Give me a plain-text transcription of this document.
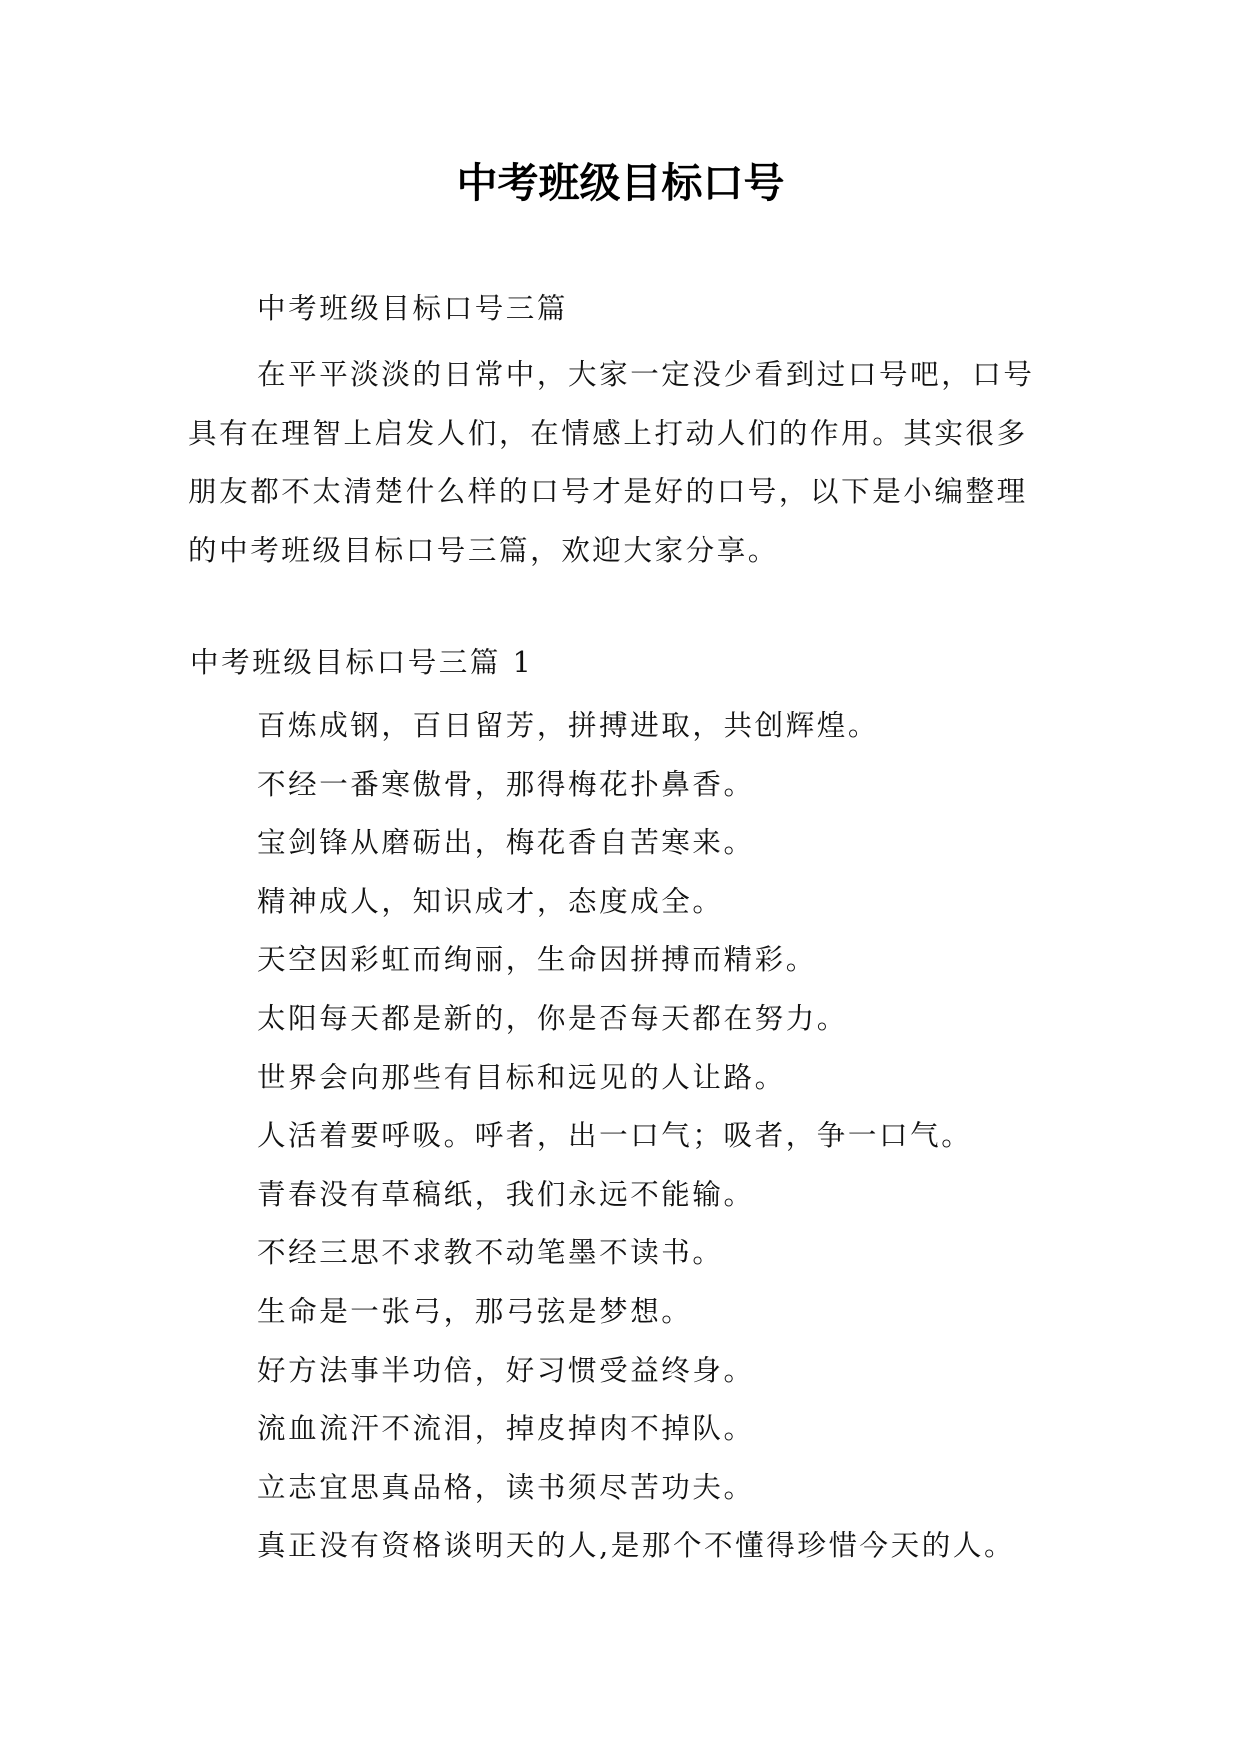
中考班级目标口号

中考班级目标口号三篇

在平平淡淡的日常中，大家一定没少看到过口号吧，口号具有在理智上启发人们，在情感上打动人们的作用。其实很多朋友都不太清楚什么样的口号才是好的口号，以下是小编整理的中考班级目标口号三篇，欢迎大家分享。

中考班级目标口号三篇 1

百炼成钢，百日留芳，拼搏进取，共创辉煌。
不经一番寒傲骨，那得梅花扑鼻香。
宝剑锋从磨砺出，梅花香自苦寒来。
精神成人，知识成才，态度成全。
天空因彩虹而绚丽，生命因拼搏而精彩。
太阳每天都是新的，你是否每天都在努力。
世界会向那些有目标和远见的人让路。
人活着要呼吸。呼者，出一口气；吸者，争一口气。
青春没有草稿纸，我们永远不能输。
不经三思不求教不动笔墨不读书。
生命是一张弓，那弓弦是梦想。
好方法事半功倍，好习惯受益终身。
流血流汗不流泪，掉皮掉肉不掉队。
立志宜思真品格，读书须尽苦功夫。
真正没有资格谈明天的人,是那个不懂得珍惜今天的人。
